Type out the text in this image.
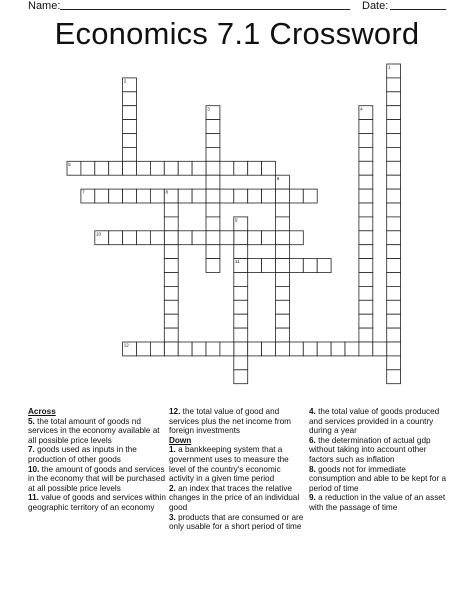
Name:	Date:
Economics 7.1 Crossword
1
2
3	4
5
6
7	8
9
10
11
12
Across

5. the total amount of goods nd services in the economy available at all possible price levels

7. goods used as inputs in the production of other goods

10. the amount of goods and services in the economy that will be purchased at all possible price levels

11. value of goods and services within geographic territory of an economy

12. the total value of good and services plus the net income from foreign investments

Down

1. a bankkeeping system that a government uses to measure the level of the country's economic activity in a given time period

2. an index that traces the relative changes in the price of an individual good

3. products that are consumed or are only usable for a short period of time

4. the total value of goods produced and services provided in a country during a year

6. the determination of actual gdp without taking into account other factors such as inflation

8. goods not for immediate consumption and able to be kept for a period of time

9. a reduction in the value of an asset with the passage of time
